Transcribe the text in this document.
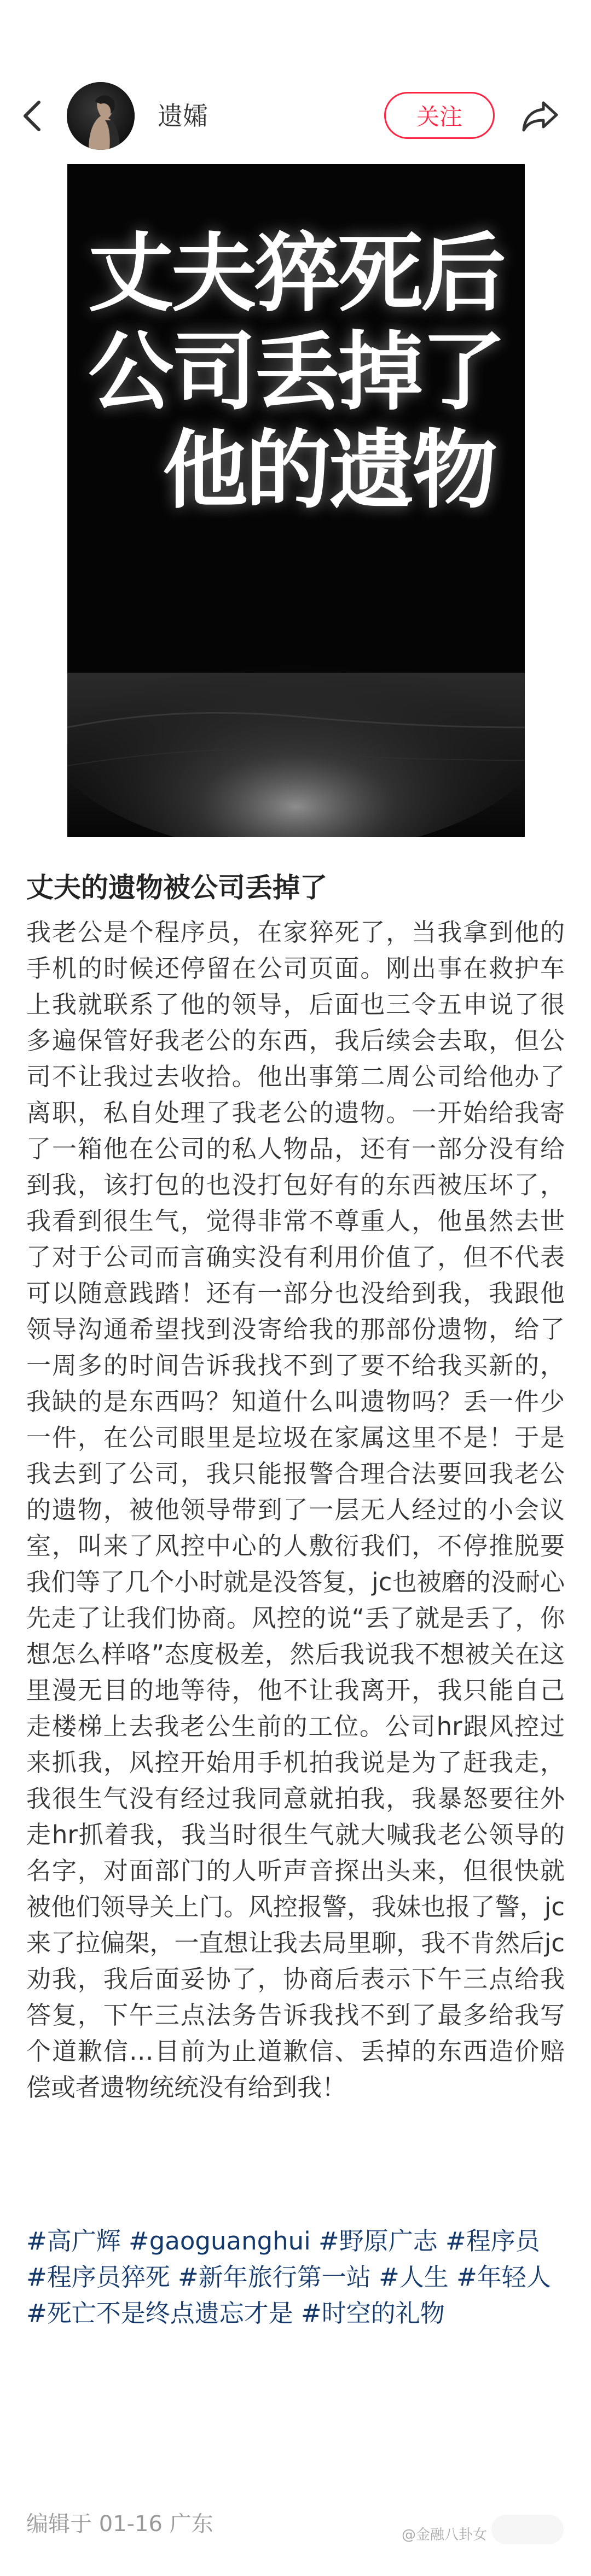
遗孀	关注
丈夫猝死后
公司丢掉了
他的遗物
丈夫的遗物被公司丢掉了
我老公是个程序员，在家猝死了，当我拿到他的手机的时候还停留在公司页面。刚出事在救护车上我就联系了他的领导，后面也三令五申说了很多遍保管好我老公的东西，我后续会去取，但公司不让我过去收拾。他出事第二周公司给他办了离职，私自处理了我老公的遗物。一开始给我寄了一箱他在公司的私人物品，还有一部分没有给到我，该打包的也没打包好有的东西被压坏了，我看到很生气，觉得非常不尊重人，他虽然去世了对于公司而言确实没有利用价值了，但不代表可以随意践踏！还有一部分也没给到我，我跟他领导沟通希望找到没寄给我的那部份遗物，给了一周多的时间告诉我找不到了要不给我买新的，我缺的是东西吗？知道什么叫遗物吗？丢一件少一件，在公司眼里是垃圾在家属这里不是！于是我去到了公司，我只能报警合理合法要回我老公的遗物，被他领导带到了一层无人经过的小会议室，叫来了风控中心的人敷衍我们，不停推脱要我们等了几个小时就是没答复，jc也被磨的没耐心先走了让我们协商。风控的说“丢了就是丢了，你想怎么样咯”态度极差，然后我说我不想被关在这里漫无目的地等待，他不让我离开，我只能自己走楼梯上去我老公生前的工位。公司hr跟风控过来抓我，风控开始用手机拍我说是为了赶我走，我很生气没有经过我同意就拍我，我暴怒要往外走hr抓着我，我当时很生气就大喊我老公领导的名字，对面部门的人听声音探出头来，但很快就被他们领导关上门。风控报警，我妹也报了警，jc来了拉偏架，一直想让我去局里聊，我不肯然后jc劝我，我后面妥协了，协商后表示下午三点给我答复，下午三点法务告诉我找不到了最多给我写个道歉信…目前为止道歉信、丢掉的东西造价赔偿或者遗物统统没有给到我！
#高广辉 #gaoguanghui #野原广志 #程序员 #程序员猝死 #新年旅行第一站 #人生 #年轻人 #死亡不是终点遗忘才是 #时空的礼物
编辑于 01-16 广东	@金融八卦女
